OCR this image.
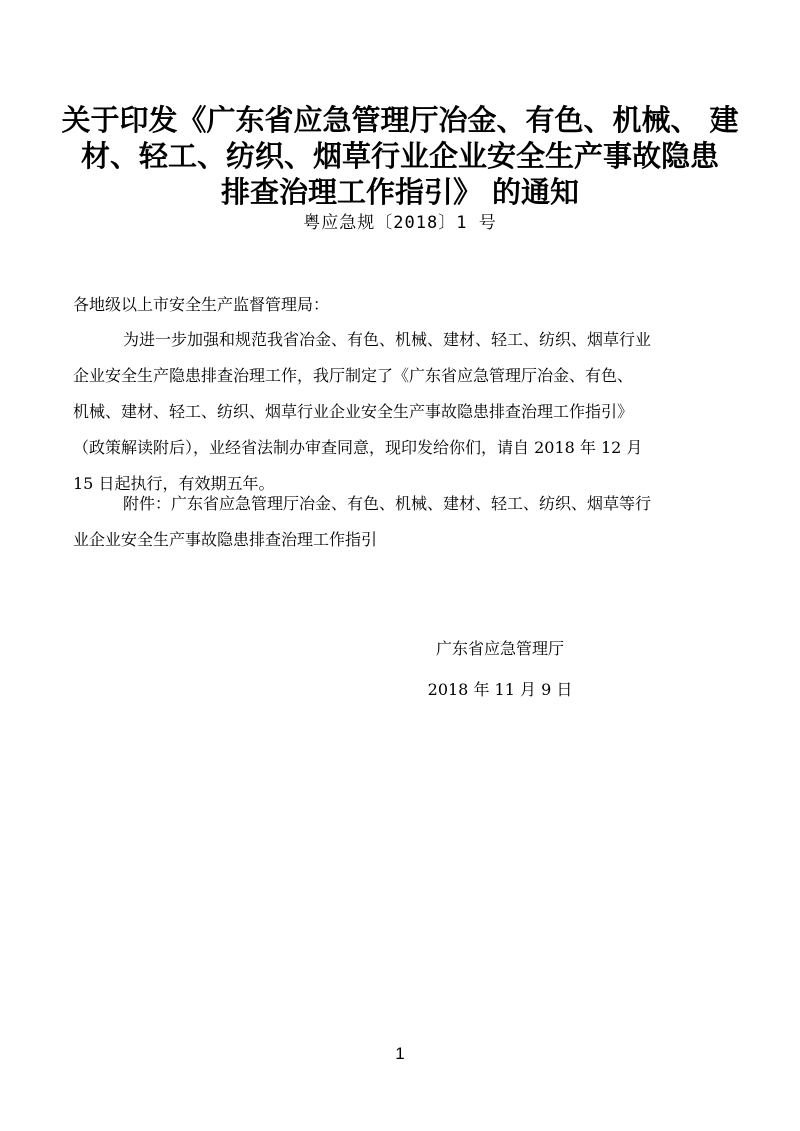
关于印发《广东省应急管理厅冶金、有色、机械、 建
材、轻工、纺织、烟草行业企业安全生产事故隐患
排查治理工作指引》 的通知
粤应急规〔2018〕1 号
各地级以上市安全生产监督管理局：
为进一步加强和规范我省冶金、有色、机械、建材、轻工、纺织、烟草行业
企业安全生产隐患排查治理工作，我厅制定了《广东省应急管理厅冶金、有色、
机械、建材、轻工、纺织、烟草行业企业安全生产事故隐患排查治理工作指引》
（政策解读附后），业经省法制办审查同意，现印发给你们，请自 2018 年 12 月
15 日起执行，有效期五年。
附件：广东省应急管理厅冶金、有色、机械、建材、轻工、纺织、烟草等行
业企业安全生产事故隐患排查治理工作指引
广东省应急管理厅
2018 年 11 月 9 日
1
